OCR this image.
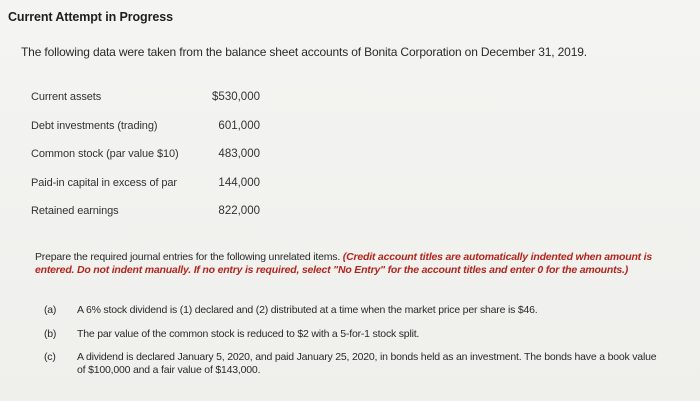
Current Attempt in Progress
The following data were taken from the balance sheet accounts of Bonita Corporation on December 31, 2019.
Current assets	$530,000
Debt investments (trading)	601,000
Common stock (par value $10)	483,000
Paid-in capital in excess of par	144,000
Retained earnings	822,000
Prepare the required journal entries for the following unrelated items. (Credit account titles are automatically indented when amount is entered. Do not indent manually. If no entry is required, select "No Entry" for the account titles and enter 0 for the amounts.)
(a)	A 6% stock dividend is (1) declared and (2) distributed at a time when the market price per share is $46.
(b)	The par value of the common stock is reduced to $2 with a 5-for-1 stock split.
(c)	A dividend is declared January 5, 2020, and paid January 25, 2020, in bonds held as an investment. The bonds have a book value of $100,000 and a fair value of $143,000.
